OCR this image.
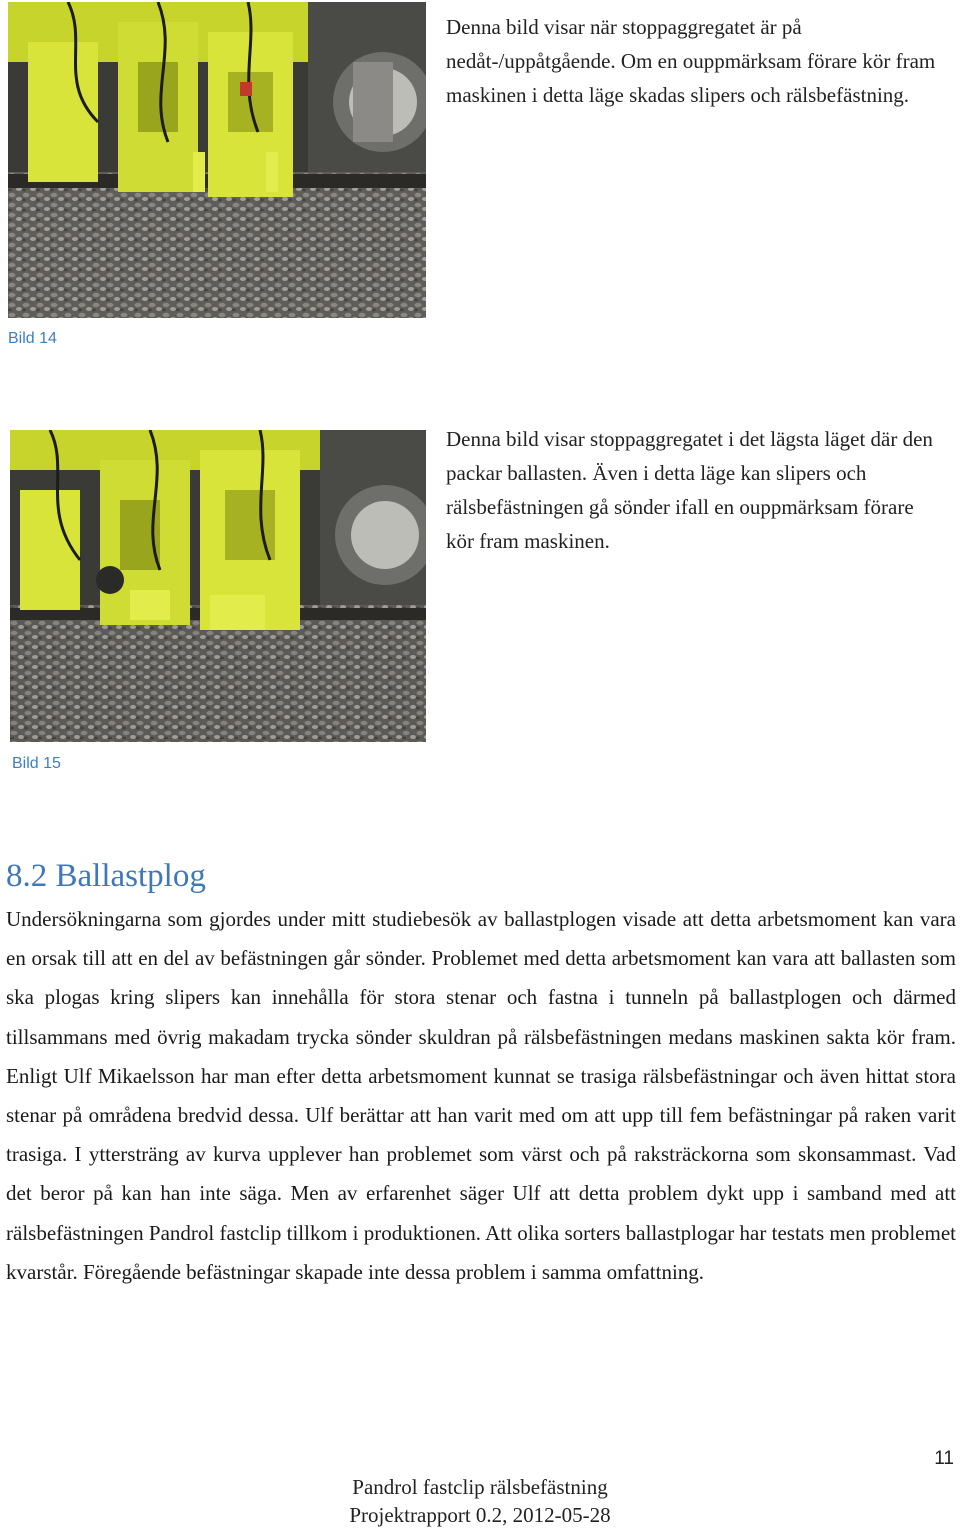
Denna bild visar när stoppaggregatet är på nedåt-/uppåtgående. Om en ouppmärksam förare kör fram maskinen i detta läge skadas slipers och rälsbefästning.

Bild 14

Denna bild visar stoppaggregatet i det lägsta läget där den packar ballasten. Även i detta läge kan slipers och rälsbefästningen gå sönder ifall en ouppmärksam förare kör fram maskinen.

Bild 15
8.2 Ballastplog

Undersökningarna som gjordes under mitt studiebesök av ballastplogen visade att detta arbetsmoment kan vara en orsak till att en del av befästningen går sönder. Problemet med detta arbetsmoment kan vara att ballasten som ska plogas kring slipers kan innehålla för stora stenar och fastna i tunneln på ballastplogen och därmed tillsammans med övrig makadam trycka sönder skuldran på rälsbefästningen medans maskinen sakta kör fram. Enligt Ulf Mikaelsson har man efter detta arbetsmoment kunnat se trasiga rälsbefästningar och även hittat stora stenar på områdena bredvid dessa. Ulf berättar att han varit med om att upp till fem befästningar på raken varit trasiga. I yttersträng av kurva upplever han problemet som värst och på raksträckorna som skonsammast. Vad det beror på kan han inte säga. Men av erfarenhet säger Ulf att detta problem dykt upp i samband med att rälsbefästningen Pandrol fastclip tillkom i produktionen. Att olika sorters ballastplogar har testats men problemet kvarstår. Föregående befästningar skapade inte dessa problem i samma omfattning.

11
Pandrol fastclip rälsbefästning
Projektrapport 0.2, 2012-05-28
